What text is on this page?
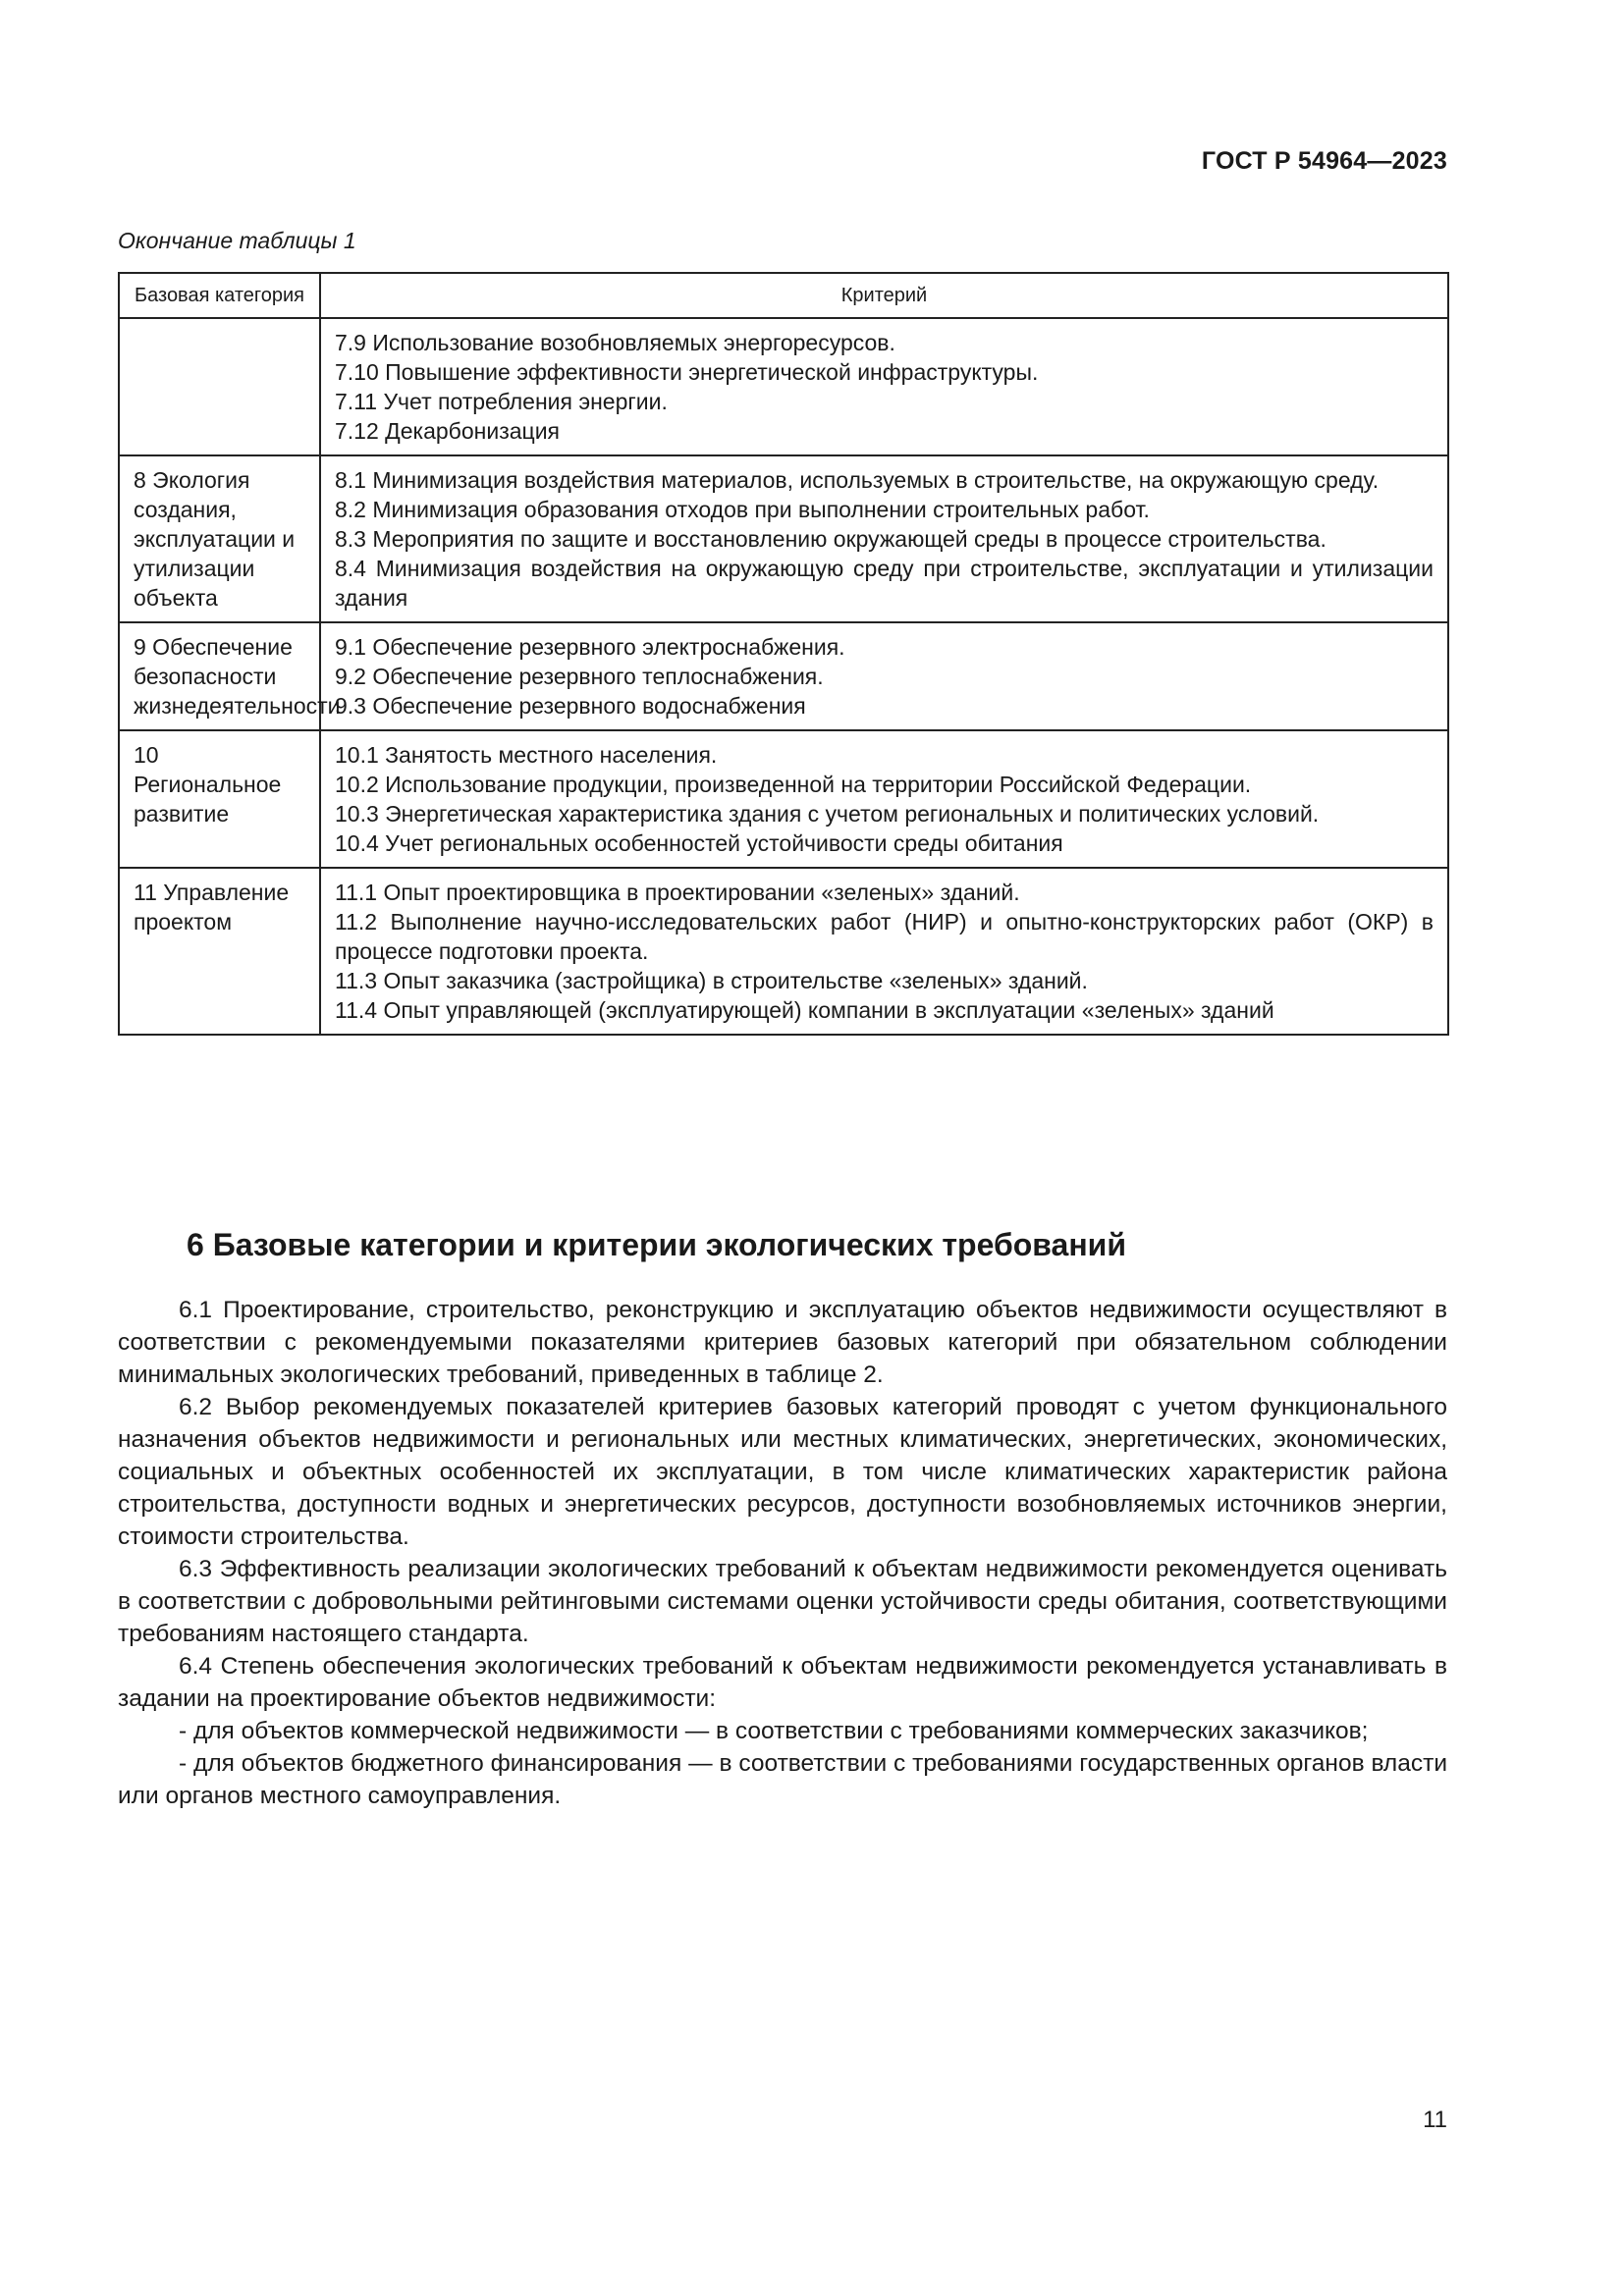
ГОСТ Р 54964—2023
Окончание таблицы 1
Базовая категория	Критерий

	7.9 Использование возобновляемых энергоресурсов.
7.10 Повышение эффективности энергетической инфраструктуры.
7.11 Учет потребления энергии.
7.12 Декарбонизация

8 Экология создания, эксплуатации и утилизации объекта	8.1 Минимизация воздействия материалов, используемых в строительстве, на окружающую среду.
8.2 Минимизация образования отходов при выполнении строительных работ.
8.3 Мероприятия по защите и восстановлению окружающей среды в процессе строительства.
8.4 Минимизация воздействия на окружающую среду при строительстве, эксплуатации и утилизации здания

9 Обеспечение безопасности жизнедеятельности	9.1 Обеспечение резервного электроснабжения.
9.2 Обеспечение резервного теплоснабжения.
9.3 Обеспечение резервного водоснабжения

10 Региональное развитие	10.1 Занятость местного населения.
10.2 Использование продукции, произведенной на территории Российской Федерации.
10.3 Энергетическая характеристика здания с учетом региональных и политических условий.
10.4 Учет региональных особенностей устойчивости среды обитания

11 Управление проектом	11.1 Опыт проектировщика в проектировании «зеленых» зданий.
11.2 Выполнение научно-исследовательских работ (НИР) и опытно-конструкторских работ (ОКР) в процессе подготовки проекта.
11.3 Опыт заказчика (застройщика) в строительстве «зеленых» зданий.
11.4 Опыт управляющей (эксплуатирующей) компании в эксплуатации «зеленых» зданий
6 Базовые категории и критерии экологических требований

6.1 Проектирование, строительство, реконструкцию и эксплуатацию объектов недвижимости осуществляют в соответствии с рекомендуемыми показателями критериев базовых категорий при обязательном соблюдении минимальных экологических требований, приведенных в таблице 2.

6.2 Выбор рекомендуемых показателей критериев базовых категорий проводят с учетом функционального назначения объектов недвижимости и региональных или местных климатических, энергетических, экономических, социальных и объектных особенностей их эксплуатации, в том числе климатических характеристик района строительства, доступности водных и энергетических ресурсов, доступности возобновляемых источников энергии, стоимости строительства.

6.3 Эффективность реализации экологических требований к объектам недвижимости рекомендуется оценивать в соответствии с добровольными рейтинговыми системами оценки устойчивости среды обитания, соответствующими требованиям настоящего стандарта.

6.4 Степень обеспечения экологических требований к объектам недвижимости рекомендуется устанавливать в задании на проектирование объектов недвижимости:

- для объектов коммерческой недвижимости — в соответствии с требованиями коммерческих заказчиков;

- для объектов бюджетного финансирования — в соответствии с требованиями государственных органов власти или органов местного самоуправления.

11
